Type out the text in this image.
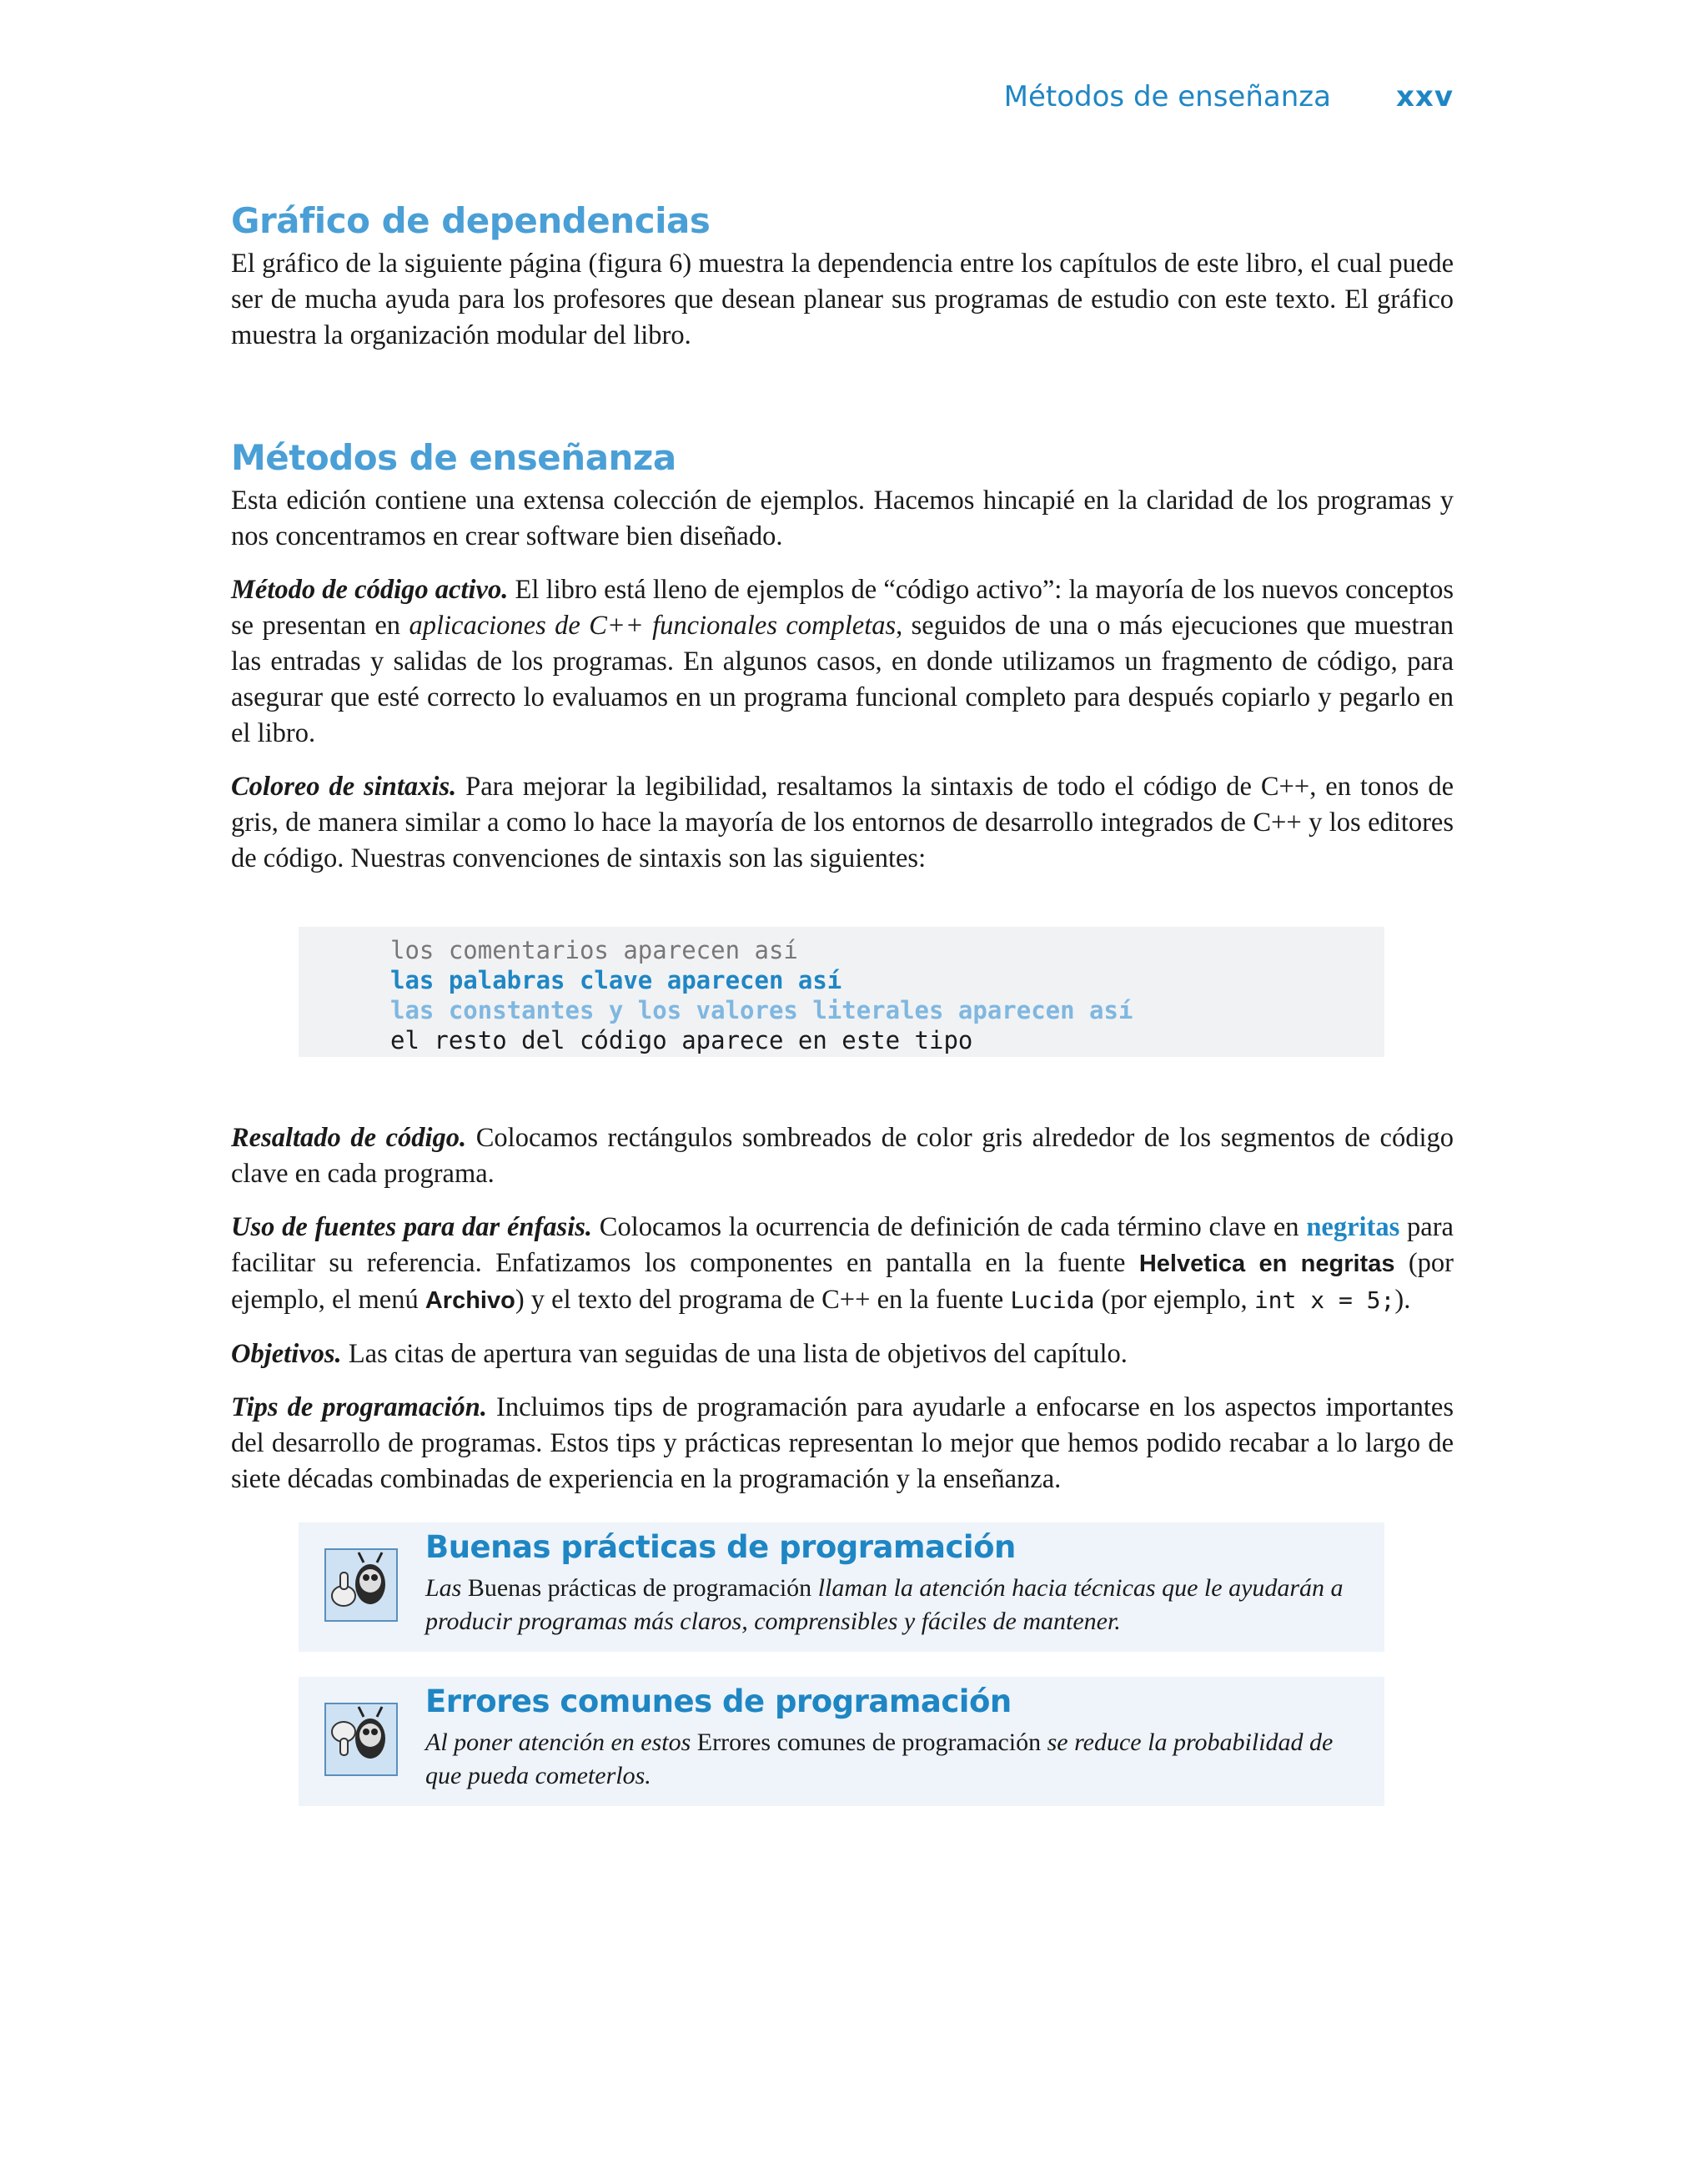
Métodos de enseñanza xxv
Gráfico de dependencias

El gráfico de la siguiente página (figura 6) muestra la dependencia entre los capítulos de este libro, el cual puede ser de mucha ayuda para los profesores que desean planear sus programas de estudio con este texto. El gráfico muestra la organización modular del libro.

Métodos de enseñanza

Esta edición contiene una extensa colección de ejemplos. Hacemos hincapié en la claridad de los programas y nos concentramos en crear software bien diseñado.

Método de código activo. El libro está lleno de ejemplos de “código activo”: la mayoría de los nuevos conceptos se presentan en aplicaciones de C++ funcionales completas, seguidos de una o más ejecuciones que muestran las entradas y salidas de los programas. En algunos casos, en donde utilizamos un fragmento de código, para asegurar que esté correcto lo evaluamos en un programa funcional completo para después copiarlo y pegarlo en el libro.

Coloreo de sintaxis. Para mejorar la legibilidad, resaltamos la sintaxis de todo el código de C++, en tonos de gris, de manera similar a como lo hace la mayoría de los entornos de desarrollo integrados de C++ y los editores de código. Nuestras convenciones de sintaxis son las siguientes:

los comentarios aparecen así
las palabras clave aparecen así
las constantes y los valores literales aparecen así
el resto del código aparece en este tipo

Resaltado de código. Colocamos rectángulos sombreados de color gris alrededor de los segmentos de código clave en cada programa.

Uso de fuentes para dar énfasis. Colocamos la ocurrencia de definición de cada término clave en negritas para facilitar su referencia. Enfatizamos los componentes en pantalla en la fuente Helvetica en negritas (por ejemplo, el menú Archivo) y el texto del programa de C++ en la fuente Lucida (por ejemplo, int x = 5;).

Objetivos. Las citas de apertura van seguidas de una lista de objetivos del capítulo.

Tips de programación. Incluimos tips de programación para ayudarle a enfocarse en los aspectos importantes del desarrollo de programas. Estos tips y prácticas representan lo mejor que hemos podido recabar a lo largo de siete décadas combinadas de experiencia en la programación y la enseñanza.

Buenas prácticas de programación
Las Buenas prácticas de programación llaman la atención hacia técnicas que le ayudarán a producir programas más claros, comprensibles y fáciles de mantener.
Errores comunes de programación
Al poner atención en estos Errores comunes de programación se reduce la probabilidad de que pueda cometerlos.
